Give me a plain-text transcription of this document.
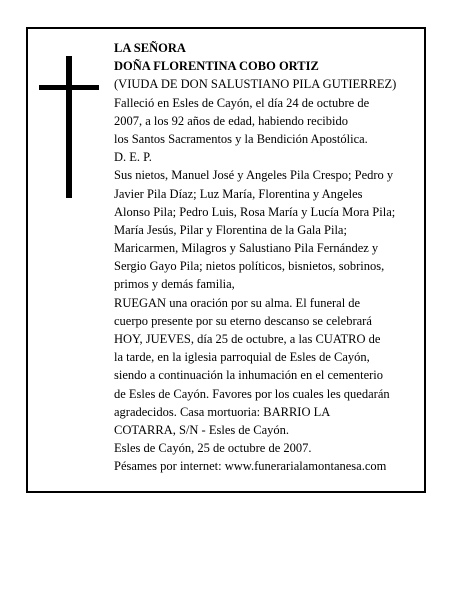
LA SEÑORA
DOÑA FLORENTINA COBO ORTIZ
(VIUDA DE DON SALUSTIANO PILA GUTIERREZ)
Falleció en Esles de Cayón, el día 24 de octubre de
2007, a los 92 años de edad, habiendo recibido
los Santos Sacramentos y la Bendición Apostólica.
D. E. P.
Sus nietos, Manuel José y Angeles Pila Crespo; Pedro y
Javier Pila Díaz; Luz María, Florentina y Angeles
Alonso Pila; Pedro Luis, Rosa María y Lucía Mora Pila;
María Jesús, Pilar y Florentina de la Gala Pila;
Maricarmen, Milagros y Salustiano Pila Fernández y
Sergio Gayo Pila; nietos políticos, bisnietos, sobrinos,
primos y demás familia,
RUEGAN una oración por su alma. El funeral de
cuerpo presente por su eterno descanso se celebrará
HOY, JUEVES, día 25 de octubre, a las CUATRO de
la tarde, en la iglesia parroquial de Esles de Cayón,
siendo a continuación la inhumación en el cementerio
de Esles de Cayón. Favores por los cuales les quedarán
agradecidos. Casa mortuoria: BARRIO LA
COTARRA, S/N - Esles de Cayón.
Esles de Cayón, 25 de octubre de 2007.
Pésames por internet: www.funerarialamontanesa.com
